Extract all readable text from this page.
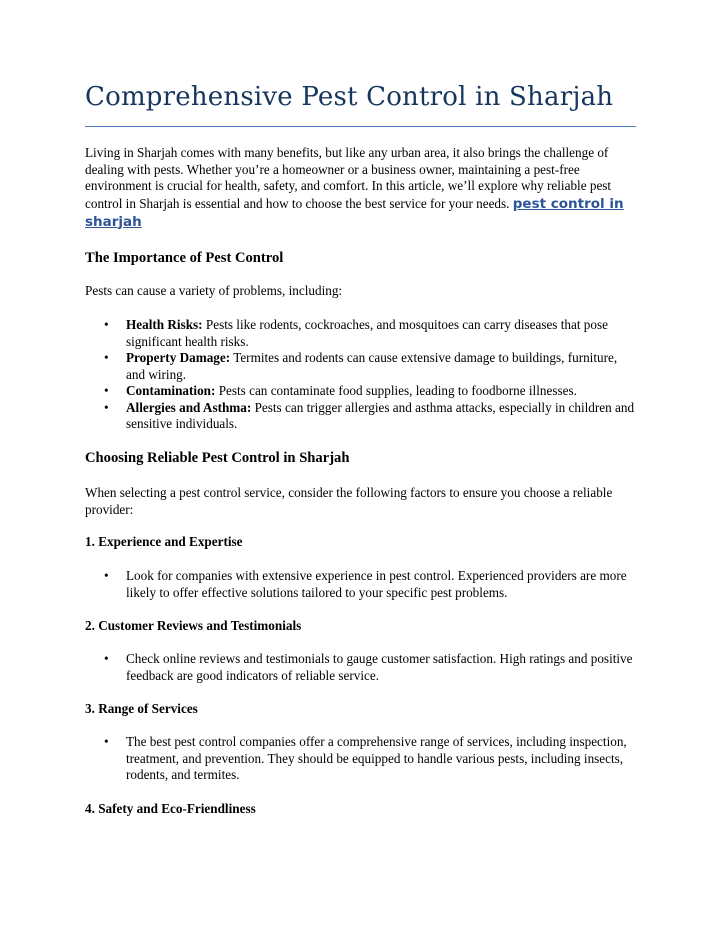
Comprehensive Pest Control in Sharjah

Living in Sharjah comes with many benefits, but like any urban area, it also brings the challenge of dealing with pests. Whether you’re a homeowner or a business owner, maintaining a pest-free environment is crucial for health, safety, and comfort. In this article, we’ll explore why reliable pest control in Sharjah is essential and how to choose the best service for your needs. pest control in sharjah

The Importance of Pest Control

Pests can cause a variety of problems, including:

• Health Risks: Pests like rodents, cockroaches, and mosquitoes can carry diseases that pose significant health risks.
• Property Damage: Termites and rodents can cause extensive damage to buildings, furniture, and wiring.
• Contamination: Pests can contaminate food supplies, leading to foodborne illnesses.
• Allergies and Asthma: Pests can trigger allergies and asthma attacks, especially in children and sensitive individuals.
Choosing Reliable Pest Control in Sharjah

When selecting a pest control service, consider the following factors to ensure you choose a reliable provider:

1. Experience and Expertise
• Look for companies with extensive experience in pest control. Experienced providers are more likely to offer effective solutions tailored to your specific pest problems.
2. Customer Reviews and Testimonials
• Check online reviews and testimonials to gauge customer satisfaction. High ratings and positive feedback are good indicators of reliable service.
3. Range of Services
• The best pest control companies offer a comprehensive range of services, including inspection, treatment, and prevention. They should be equipped to handle various pests, including insects, rodents, and termites.
4. Safety and Eco-Friendliness
